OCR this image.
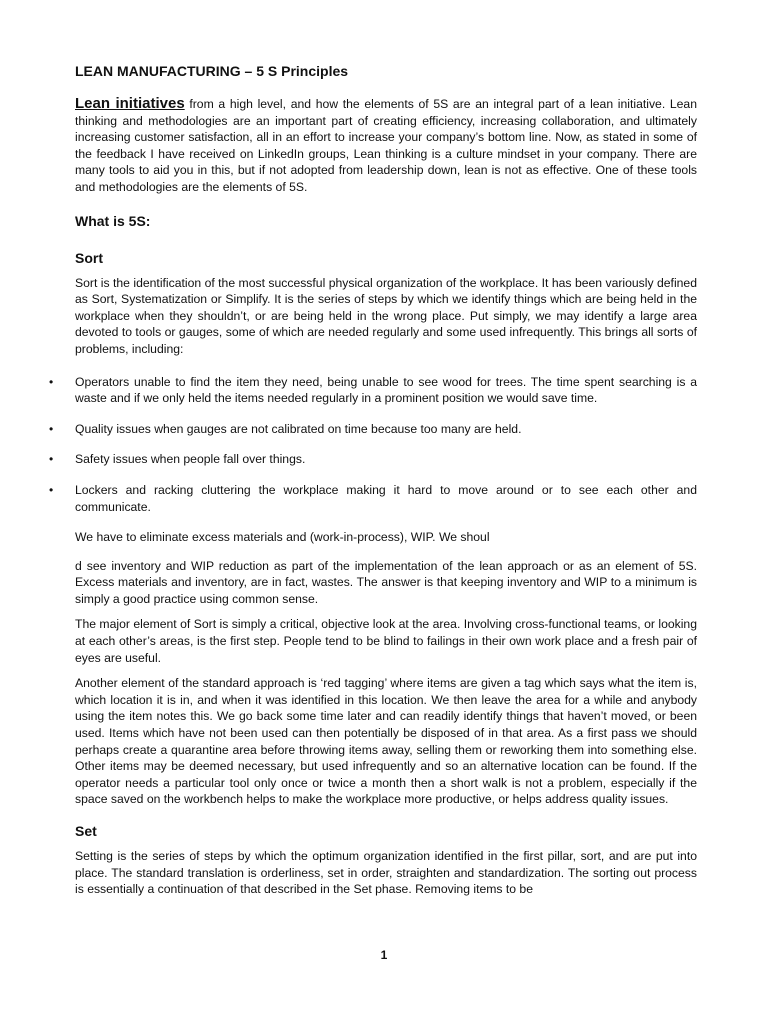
LEAN MANUFACTURING – 5 S Principles

Lean initiatives from a high level, and how the elements of 5S are an integral part of a lean initiative. Lean thinking and methodologies are an important part of creating efficiency, increasing collaboration, and ultimately increasing customer satisfaction, all in an effort to increase your company’s bottom line. Now, as stated in some of the feedback I have received on LinkedIn groups, Lean thinking is a culture mindset in your company. There are many tools to aid you in this, but if not adopted from leadership down, lean is not as effective. One of these tools and methodologies are the elements of 5S.

What is 5S:
Sort

Sort is the identification of the most successful physical organization of the workplace. It has been variously defined as Sort, Systematization or Simplify. It is the series of steps by which we identify things which are being held in the workplace when they shouldn’t, or are being held in the wrong place. Put simply, we may identify a large area devoted to tools or gauges, some of which are needed regularly and some used infrequently. This brings all sorts of problems, including:

• Operators unable to find the item they need, being unable to see wood for trees. The time spent searching is a waste and if we only held the items needed regularly in a prominent position we would save time.
• Quality issues when gauges are not calibrated on time because too many are held.
• Safety issues when people fall over things.
• Lockers and racking cluttering the workplace making it hard to move around or to see each other and communicate.

We have to eliminate excess materials and (work-in-process), WIP. We shoul

d see inventory and WIP reduction as part of the implementation of the lean approach or as an element of 5S. Excess materials and inventory, are in fact, wastes. The answer is that keeping inventory and WIP to a minimum is simply a good practice using common sense.

The major element of Sort is simply a critical, objective look at the area. Involving cross-functional teams, or looking at each other’s areas, is the first step. People tend to be blind to failings in their own work place and a fresh pair of eyes are useful.

Another element of the standard approach is ‘red tagging’ where items are given a tag which says what the item is, which location it is in, and when it was identified in this location. We then leave the area for a while and anybody using the item notes this. We go back some time later and can readily identify things that haven’t moved, or been used. Items which have not been used can then potentially be disposed of in that area. As a first pass we should perhaps create a quarantine area before throwing items away, selling them or reworking them into something else. Other items may be deemed necessary, but used infrequently and so an alternative location can be found. If the operator needs a particular tool only once or twice a month then a short walk is not a problem, especially if the space saved on the workbench helps to make the workplace more productive, or helps address quality issues.

Set

Setting is the series of steps by which the optimum organization identified in the first pillar, sort, and are put into place. The standard translation is orderliness, set in order, straighten and standardization. The sorting out process is essentially a continuation of that described in the Set phase. Removing items to be

1
